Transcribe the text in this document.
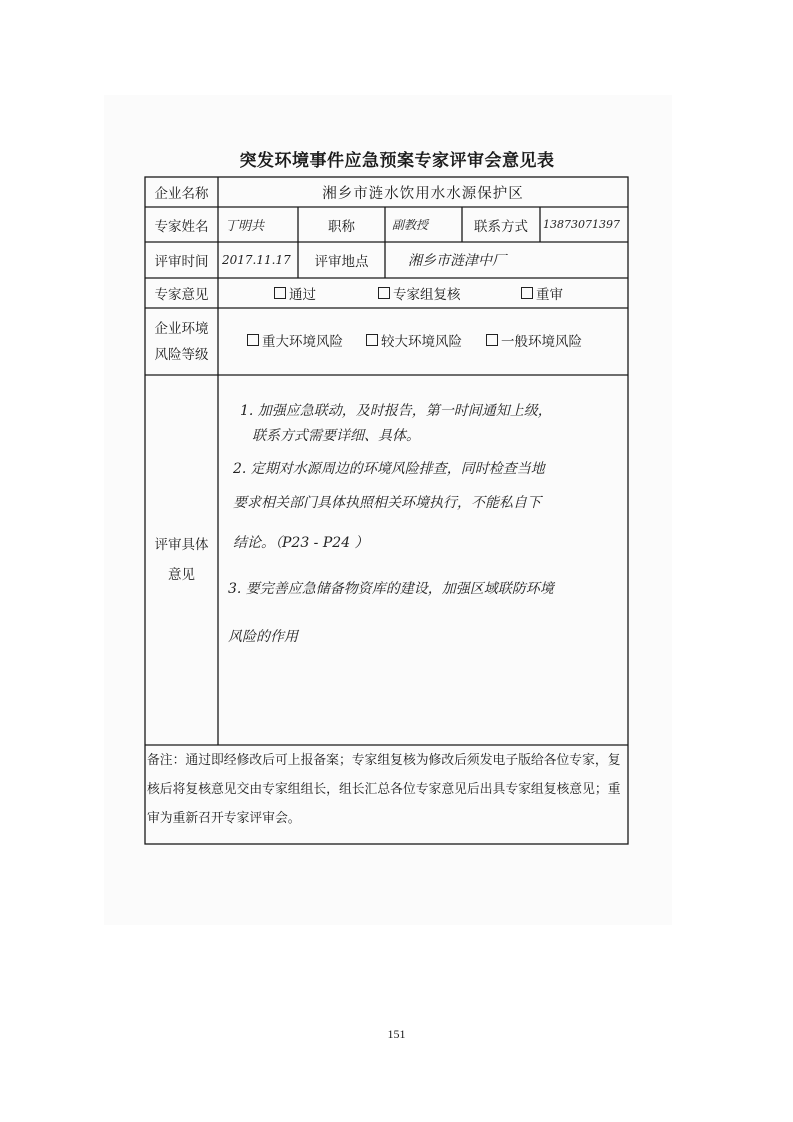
突发环境事件应急预案专家评审会意见表
企业名称	湘乡市涟水饮用水水源保护区
专家姓名	丁明共	职称	副教授	联系方式	13873071397
评审时间	2017.11.17	评审地点	湘乡市涟津中厂
专家意见	通过	专家组复核	重审
企业环境
风险等级
重大环境风险	较大环境风险	一般环境风险
评审具体
意见
1. 加强应急联动，及时报告，第一时间通知上级，
联系方式需要详细、具体。
2. 定期对水源周边的环境风险排查，同时检查当地
要求相关部门具体执照相关环境执行，不能私自下
结论。（P23 - P24 ）
3. 要完善应急储备物资库的建设，加强区域联防环境
风险的作用
备注：通过即经修改后可上报备案；专家组复核为修改后须发电子版给各位专家，复核后将复核意见交由专家组组长，组长汇总各位专家意见后出具专家组复核意见；重审为重新召开专家评审会。
151
